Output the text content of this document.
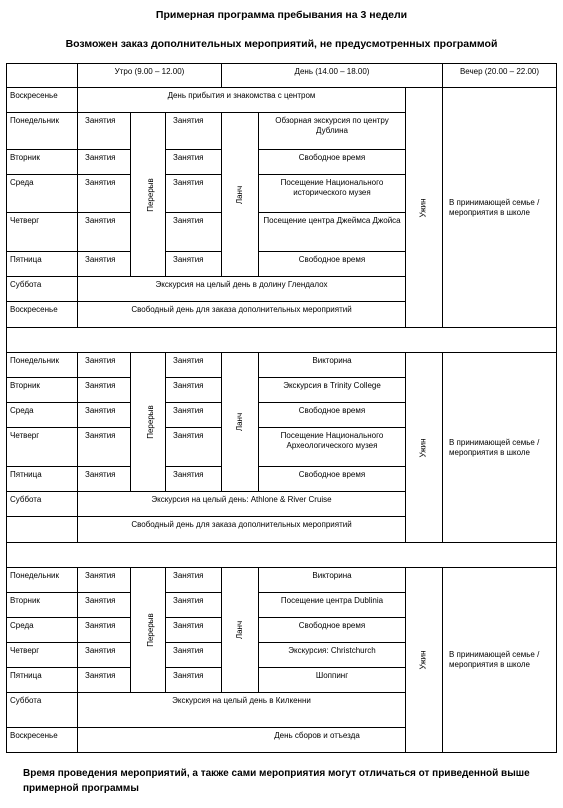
Примерная программа пребывания на 3 недели
Возможен заказ дополнительных мероприятий, не предусмотренных программой
	Утро (9.00 – 12.00)			День (14.00 – 18.00)			Вечер (20.00 – 22.00)
Воскресенье	День прибытия и знакомства с центром					Ужин	В принимающей семье /мероприятия в школе
Понедельник	Занятия	Перерыв	Занятия	Ланч	Обзорная экскурсия по центру Дублина		
Вторник	Занятия		Занятия		Свободное время		
Среда	Занятия		Занятия		Посещение Национального исторического музея		
Четверг	Занятия		Занятия		Посещение центра Джеймса Джойса		
Пятница	Занятия		Занятия		Свободное время		
Суббота	Экскурсия на целый день в долину Глендалох						
Воскресенье	Свободный день для заказа дополнительных мероприятий						

Понедельник	Занятия	Перерыв	Занятия	Ланч	Викторина	Ужин	В принимающей семье / мероприятия в школе
Вторник	Занятия		Занятия		Экскурсия в Trinity College		
Среда	Занятия		Занятия		Свободное время		
Четверг	Занятия		Занятия		Посещение Национального Археологического музея		
Пятница	Занятия		Занятия		Свободное время		
Суббота	Экскурсия на целый день: Athlone & River Cruise						
	Свободный день для заказа дополнительных мероприятий						

Понедельник	Занятия	Перерыв	Занятия	Ланч	Викторина	Ужин	В принимающей семье / мероприятия в школе
Вторник	Занятия		Занятия		Посещение центра Dublinia		
Среда	Занятия		Занятия		Свободное время		
Четверг	Занятия		Занятия		Экскурсия: Christchurch		
Пятница	Занятия		Занятия		Шоппинг		
Суббота	Экскурсия на целый день в Килкенни						
Воскресенье	День сборов и отъезда						
Время проведения мероприятий, а также сами мероприятия могут отличаться от приведенной выше примерной программы
